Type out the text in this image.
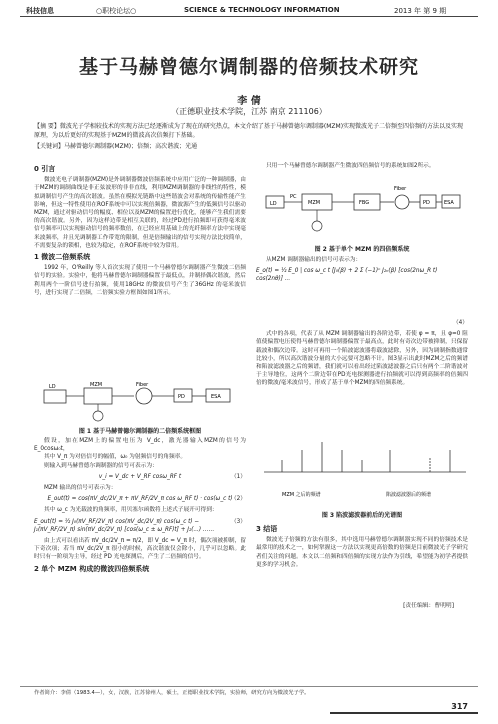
科技信息	○职校论坛○	SCIENCE & TECHNOLOGY INFORMATION	2013 年 第 9 期
基于马赫曾德尔调制器的倍频技术研究
李 倩
（正德职业技术学院，江苏 南京 211106）
【摘 要】微波光子学相较技术的实现方法已经逐渐成为了现在的研究热点，本文介绍了基于马赫曾德尔调制器(MZM)实现微波光子二倍频至四倍频的方法以及实现原理，为以后更好的实现基于MZM的微波高次倍频打下基础。
【关键词】马赫曾德尔调制器(MZM)；倍频；高次谐波；光通
0 引言
微波光电子调制器(MZM)是外调制器微波倍频系统中应用广泛的一种调制器，由于MZM的调制曲线是非正弦波形的非非直线，利用MZM调制器的非线性的特性，模拟调制信号产生的高次谐波。虽然在模拟光链路中这些谐波会对系统的传输性能产生影响，但这一特性使用在ROF系统中可以实现倍频器，微波源产生的低频信号以驱动MZM，通过对驱动信号的幅度、相位以及MZM的偏置进行优化，能够产生我们需要的高次谐波。另外，因为这样边带是相互关联的，经过PD进行拍频即可获得毫米波信号频率可以实现驱动信号的频率数倍，在已经应用基础上的光纤频率方法中实现毫米波频率，并且光调制器工作带宽的限制，但是倍频输出的信号实现方法比较简单，不需要复杂的锁相，也较为稳定，在ROF系统中较为常用。
1 微波二倍频系统
1992 年，O'Reilly 等人首次实现了使用一个马赫曾德尔调制器产生微波二倍频信号的实验。实验中，他将马赫曾德尔调制器偏置于最低点，并制择偶次谐波，然后利用两个一阶信号进行拍频，使用18GHz 的微波信号产生了36GHz 的毫米波信号，进行实现了二倍频，二倍频实验方框图如图1所示。
LD	MZM	Fiber
PD	ESA
图 1 基于马赫曾德尔调制器的二倍频系统框图
假设，加在MZM上的偏置电压为 V_dc，激光器输入MZM的信号为 E_0cosω₀t，
其中 V_π 为对倍信号的幅值，ω₀ 为射频信号的角频率。
则输入到马赫曾德尔调制器的信号可表示为：
v_i = V_dc + V_RF cosω_RF t	（1）
MZM 输出的信号可表示为：
E_out(t) = cos(πV_dc/2V_π + πV_RF/2V_π cos ω_RF t) · cos(ω_c t)
（2）
其中 ω_c 为光载波的角频率，用贝塞尔函数将上述式子展开可得到：
E_out(t) = ½ J₀(πV_RF/2V_π) cos(πV_dc/2V_π) cos(ω_c t) − J₁(πV_RF/2V_π) sin(πV_dc/2V_π) [cos(ω_c ± ω_RF)t] + J₂(...) ……
（3）
由上式可以看出若 πV_dc/2V_π = π/2，即 V_dc = V_π 时，偶次项被抑制，留下奇次项；若当 πV_dc/2V_π 很小的时候，高次谐波仅会除小，几乎可以忽略。此时只有一阶项为主导，经过 PD 光电探测后，产生了二倍频的信号。
2 单个 MZM 构成的微波四倍频系统
只用一个马赫曾德尔调制器产生微波四倍频信号的系统如图2所示。
LD
PC
MZM	FBG
Fiber
PD	ESA
图 2 基于单个 MZM 的四倍频系统
从MZM 调制器输出的信号可表示为：
E_o(t) = ½ E_0 | cos ω_c t [J₀(β) + 2 Σ (−1)ⁿ J₂ₙ(β) [cos(2nω_R t) cos(2nθ)] ...
（4）
式中的各项，代表了从 MZM 调制器输出的各阶边带，若使 φ = π，且 φ=0 阻值使偏置电压使得马赫曾德尔调制器偏置于最高点，此时有奇次边带被抑制，只保留载波和偶次边带。这时可再用一个陷波滤波器将载波滤除，另外，因为调制指数通常比较小，所以高次谐波分量的大小远要可忽略不计。图3显示出此时MZM之后的频谱和陷波滤波器之后的频谱，我们就可以看出经过陷波滤波器之后只有两个二阶谐波对于主导地位，这两个二阶边带在PD光电探测器进行拍频就可以得到高频率的倍频四倍的微波/毫米波信号，形成了基于单个MZM的四倍频系统。
MZM 之后的频谱	陷波滤波器后的频谱
图 3 陷波滤波器前后的光谱图
3 结语
微波光子倍频的方法有很多，其中选用马赫曾德尔调制器实现不同的倍频技术是最常用的技术之一，如何掌握这一方法以实现更高倍数的倍频是目前微波光子学研究者们关注的问题。本文以二倍频和四倍频的实现方法作为引线，希望能为初学者提供更多的学习机会。
[责任编辑：曹明明]
作者简介：李倩（1983.4—），女，汉族，江苏徐州人，硕士，正德职业技术学院，实验师，研究方向为微波光子学。
317
